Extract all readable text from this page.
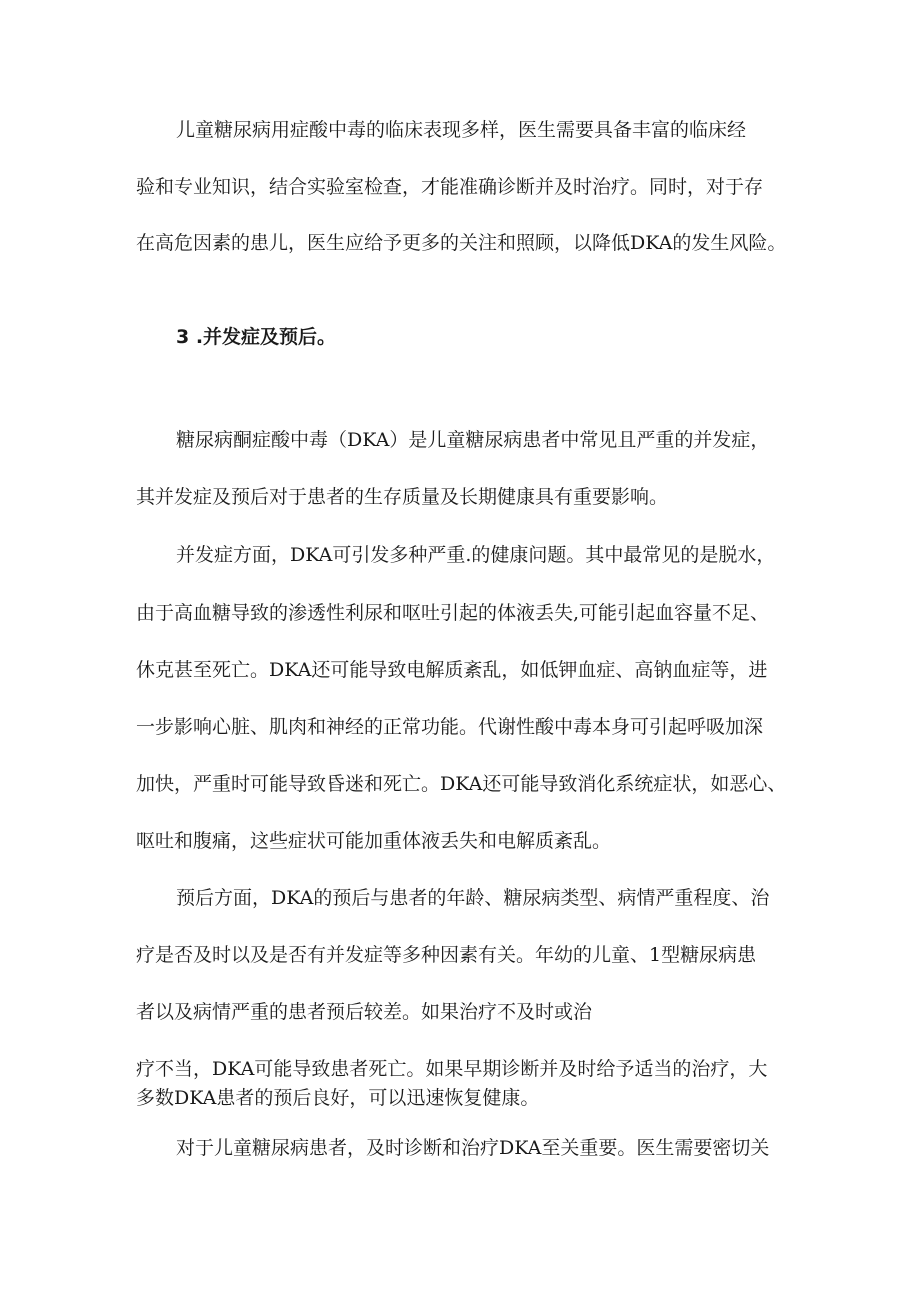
儿童糖尿病用症酸中毒的临床表现多样，医生需要具备丰富的临床经

验和专业知识，结合实验室检查，才能准确诊断并及时治疗。同时，对于存

在高危因素的患儿，医生应给予更多的关注和照顾，以降低DKA的发生风险。

3 .并发症及预后。

糖尿病酮症酸中毒（DKA）是儿童糖尿病患者中常见且严重的并发症，

其并发症及预后对于患者的生存质量及长期健康具有重要影响。

并发症方面，DKA可引发多种严重.的健康问题。其中最常见的是脱水，

由于高血糖导致的渗透性利尿和呕吐引起的体液丢失,可能引起血容量不足、

休克甚至死亡。DKA还可能导致电解质紊乱，如低钾血症、高钠血症等，进

一步影响心脏、肌肉和神经的正常功能。代谢性酸中毒本身可引起呼吸加深

加快，严重时可能导致昏迷和死亡。DKA还可能导致消化系统症状，如恶心、

呕吐和腹痛，这些症状可能加重体液丢失和电解质紊乱。

预后方面，DKA的预后与患者的年龄、糖尿病类型、病情严重程度、治

疗是否及时以及是否有并发症等多种因素有关。年幼的儿童、1型糖尿病患

者以及病情严重的患者预后较差。如果治疗不及时或治

疗不当，DKA可能导致患者死亡。如果早期诊断并及时给予适当的治疗，大

多数DKA患者的预后良好，可以迅速恢复健康。

对于儿童糖尿病患者，及时诊断和治疗DKA至关重要。医生需要密切关
